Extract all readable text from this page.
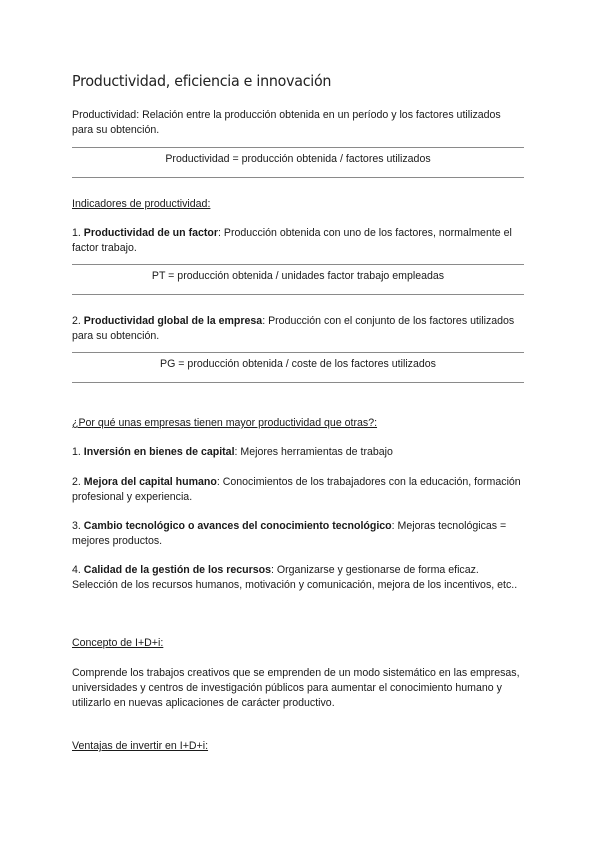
Productividad, eficiencia e innovación
Productividad: Relación entre la producción obtenida en un período y los factores utilizados para su obtención.
Productividad = producción obtenida / factores utilizados
Indicadores de productividad:
1. Productividad de un factor: Producción obtenida con uno de los factores, normalmente el factor trabajo.
PT = producción obtenida / unidades factor trabajo empleadas
2. Productividad global de la empresa: Producción con el conjunto de los factores utilizados para su obtención.
PG = producción obtenida / coste de los factores utilizados
¿Por qué unas empresas tienen mayor productividad que otras?:
1. Inversión en bienes de capital: Mejores herramientas de trabajo
2. Mejora del capital humano: Conocimientos de los trabajadores con la educación, formación profesional y experiencia.
3. Cambio tecnológico o avances del conocimiento tecnológico: Mejoras tecnológicas = mejores productos.
4. Calidad de la gestión de los recursos: Organizarse y gestionarse de forma eficaz. Selección de los recursos humanos, motivación y comunicación, mejora de los incentivos, etc..
Concepto de I+D+i:
Comprende los trabajos creativos que se emprenden de un modo sistemático en las empresas, universidades y centros de investigación públicos para aumentar el conocimiento humano y utilizarlo en nuevas aplicaciones de carácter productivo.
Ventajas de invertir en I+D+i:
